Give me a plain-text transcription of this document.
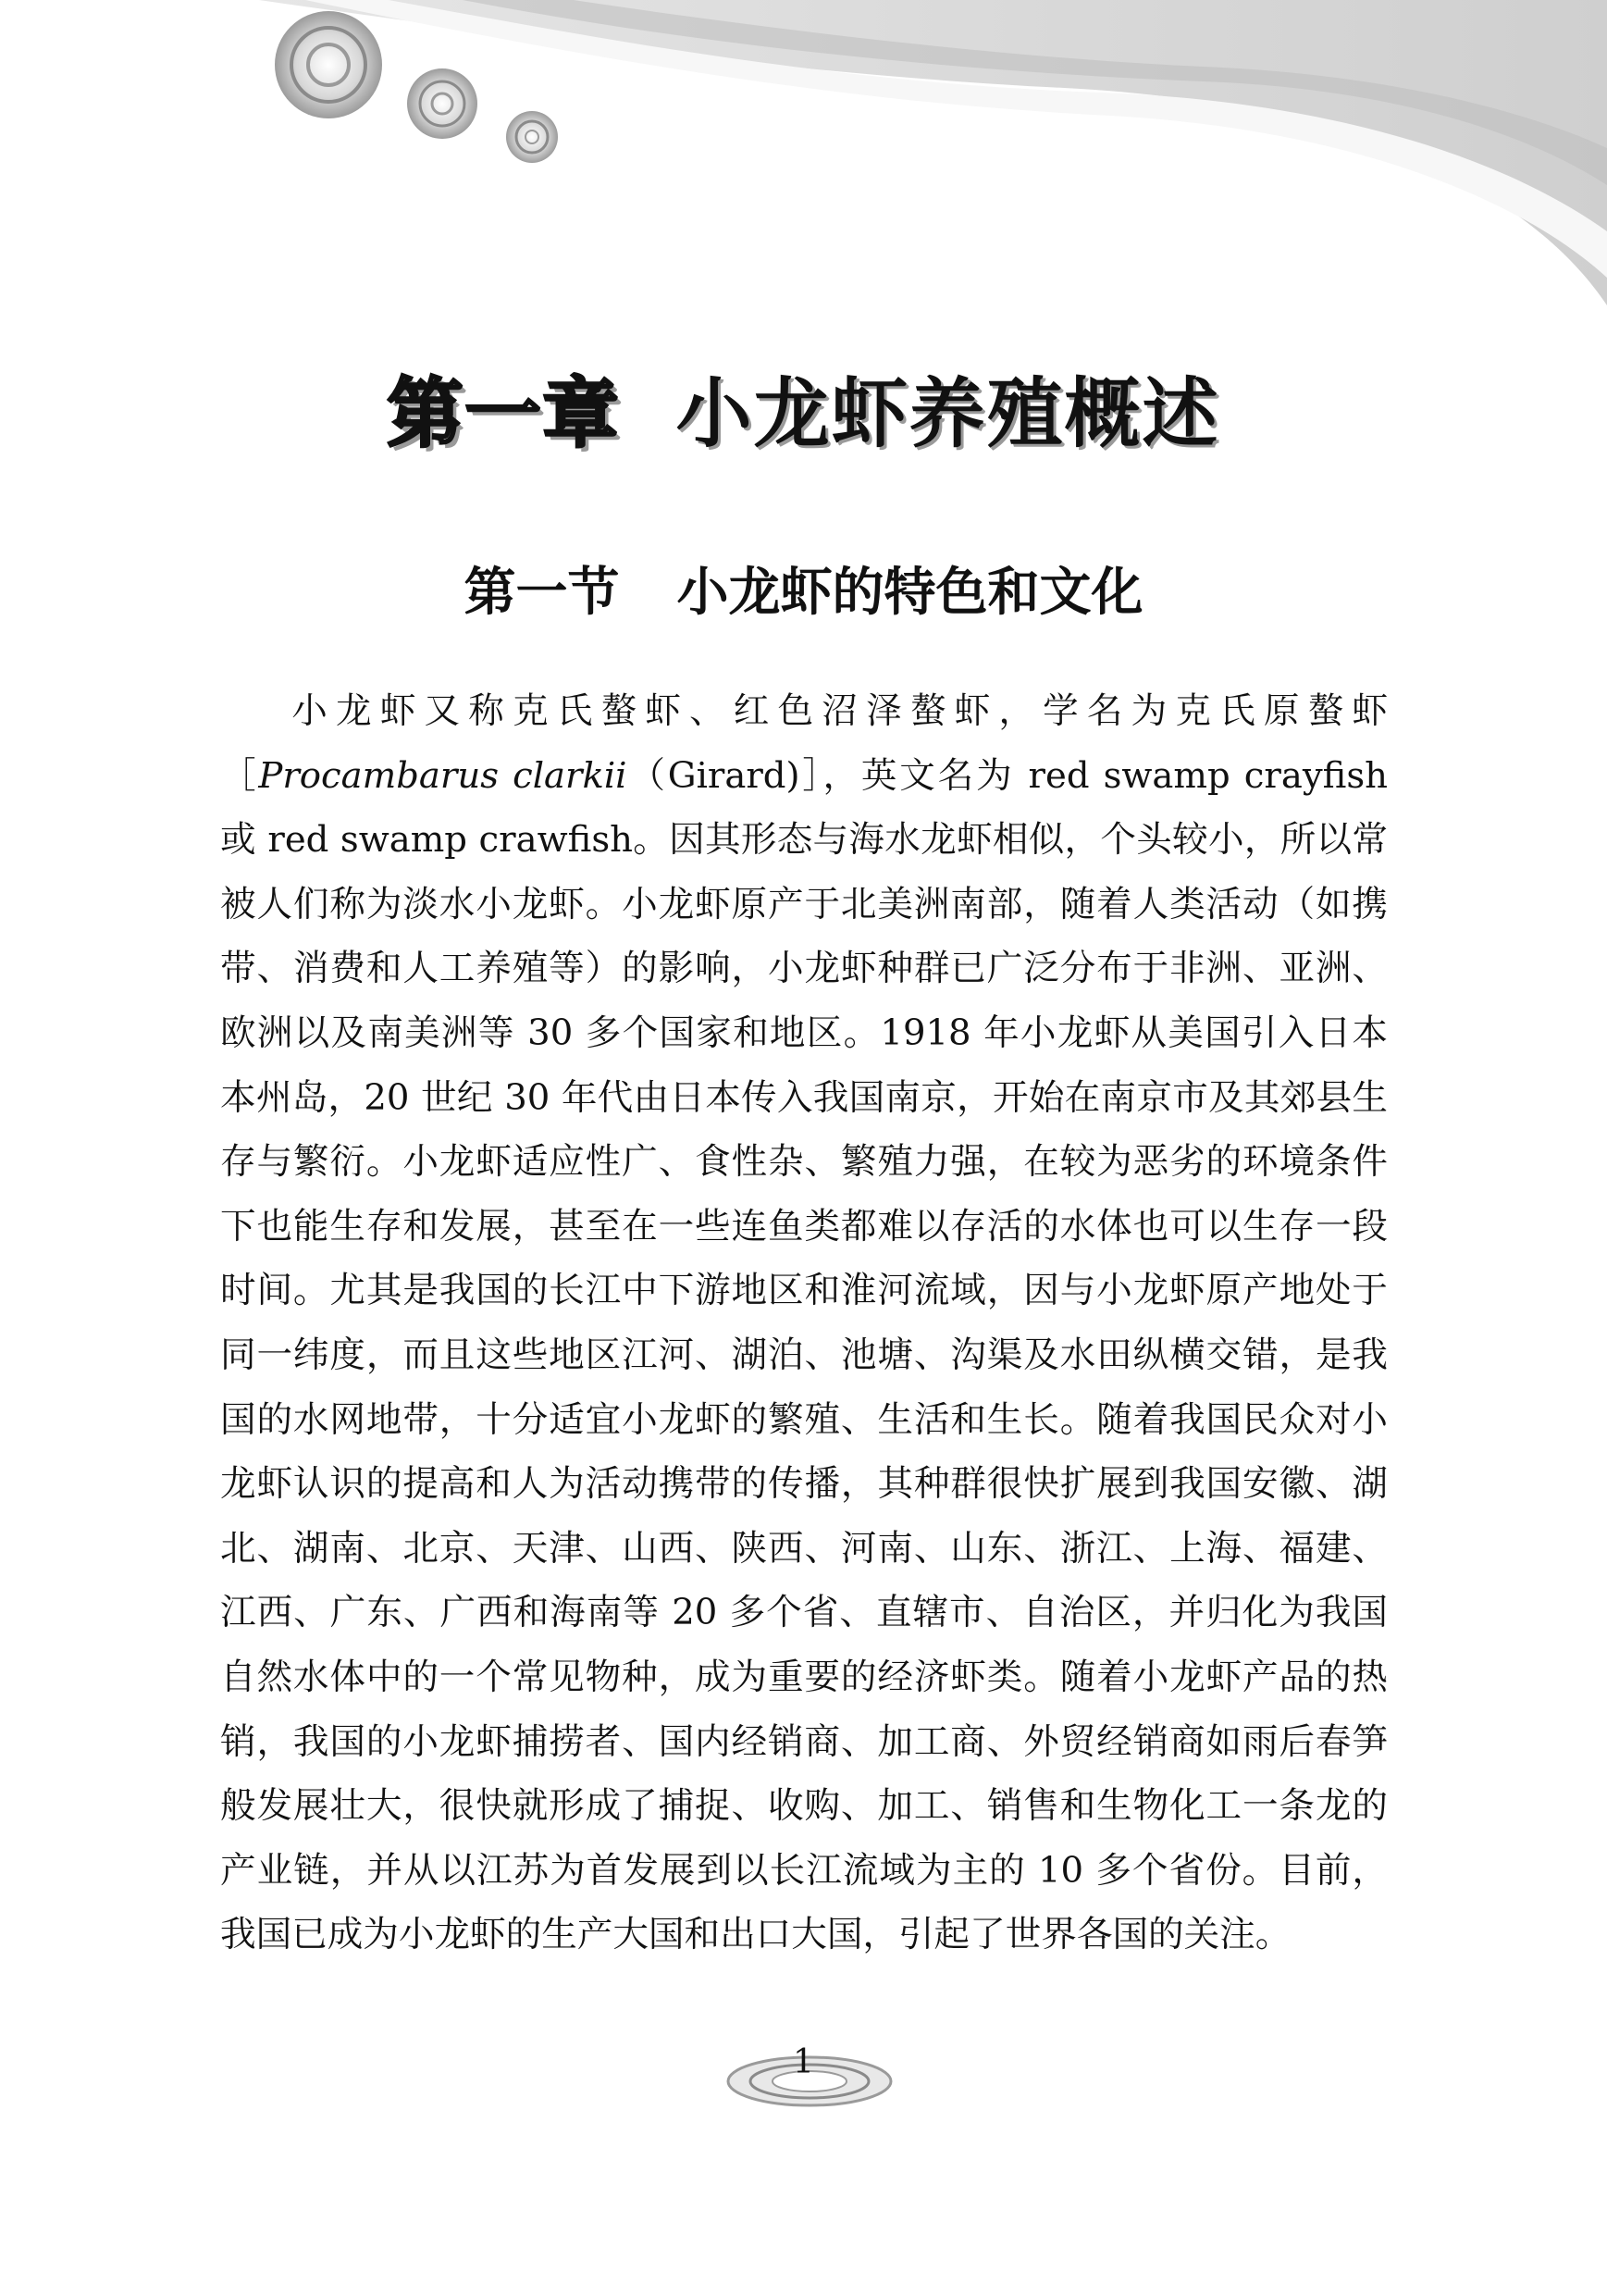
第一章 小龙虾养殖概述
第一节 小龙虾的特色和文化

小龙虾又称克氏螯虾、红色沼泽螯虾，学名为克氏原螯虾［Procambarus clarkii（Girard)］，英文名为 red swamp crayfish 或 red swamp crawfish。因其形态与海水龙虾相似，个头较小，所以常被人们称为淡水小龙虾。小龙虾原产于北美洲南部，随着人类活动（如携带、消费和人工养殖等）的影响，小龙虾种群已广泛分布于非洲、亚洲、欧洲以及南美洲等 30 多个国家和地区。1918 年小龙虾从美国引入日本本州岛，20 世纪 30 年代由日本传入我国南京，开始在南京市及其郊县生存与繁衍。小龙虾适应性广、食性杂、繁殖力强，在较为恶劣的环境条件下也能生存和发展，甚至在一些连鱼类都难以存活的水体也可以生存一段时间。尤其是我国的长江中下游地区和淮河流域，因与小龙虾原产地处于同一纬度，而且这些地区江河、湖泊、池塘、沟渠及水田纵横交错，是我国的水网地带，十分适宜小龙虾的繁殖、生活和生长。随着我国民众对小龙虾认识的提高和人为活动携带的传播，其种群很快扩展到我国安徽、湖北、湖南、北京、天津、山西、陕西、河南、山东、浙江、上海、福建、江西、广东、广西和海南等 20 多个省、直辖市、自治区，并归化为我国自然水体中的一个常见物种，成为重要的经济虾类。随着小龙虾产品的热销，我国的小龙虾捕捞者、国内经销商、加工商、外贸经销商如雨后春笋般发展壮大，很快就形成了捕捉、收购、加工、销售和生物化工一条龙的产业链，并从以江苏为首发展到以长江流域为主的 10 多个省份。目前，我国已成为小龙虾的生产大国和出口大国，引起了世界各国的关注。

1
